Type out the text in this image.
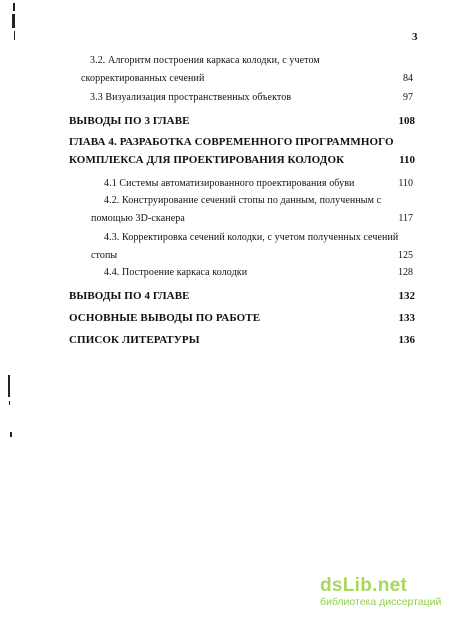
3
3.2. Алгоритм построения каркаса колодки, с учетом
скорректированных сечений	84
3.3 Визуализация пространственных объектов	97
ВЫВОДЫ ПО 3 ГЛАВЕ	108
ГЛАВА 4. РАЗРАБОТКА СОВРЕМЕННОГО ПРОГРАММНОГО
КОМПЛЕКСА ДЛЯ ПРОЕКТИРОВАНИЯ КОЛОДОК	110
4.1 Системы автоматизированного проектирования обуви	110
4.2. Конструирование сечений стопы по данным, полученным с
помощью 3D-сканера	117
4.3. Корректировка сечений колодки, с учетом полученных сечений
стопы	125
4.4. Построение каркаса колодки	128
ВЫВОДЫ ПО 4 ГЛАВЕ	132
ОСНОВНЫЕ ВЫВОДЫ ПО РАБОТЕ	133
СПИСОК ЛИТЕРАТУРЫ	136
dsLib.net
библиотека диссертаций
